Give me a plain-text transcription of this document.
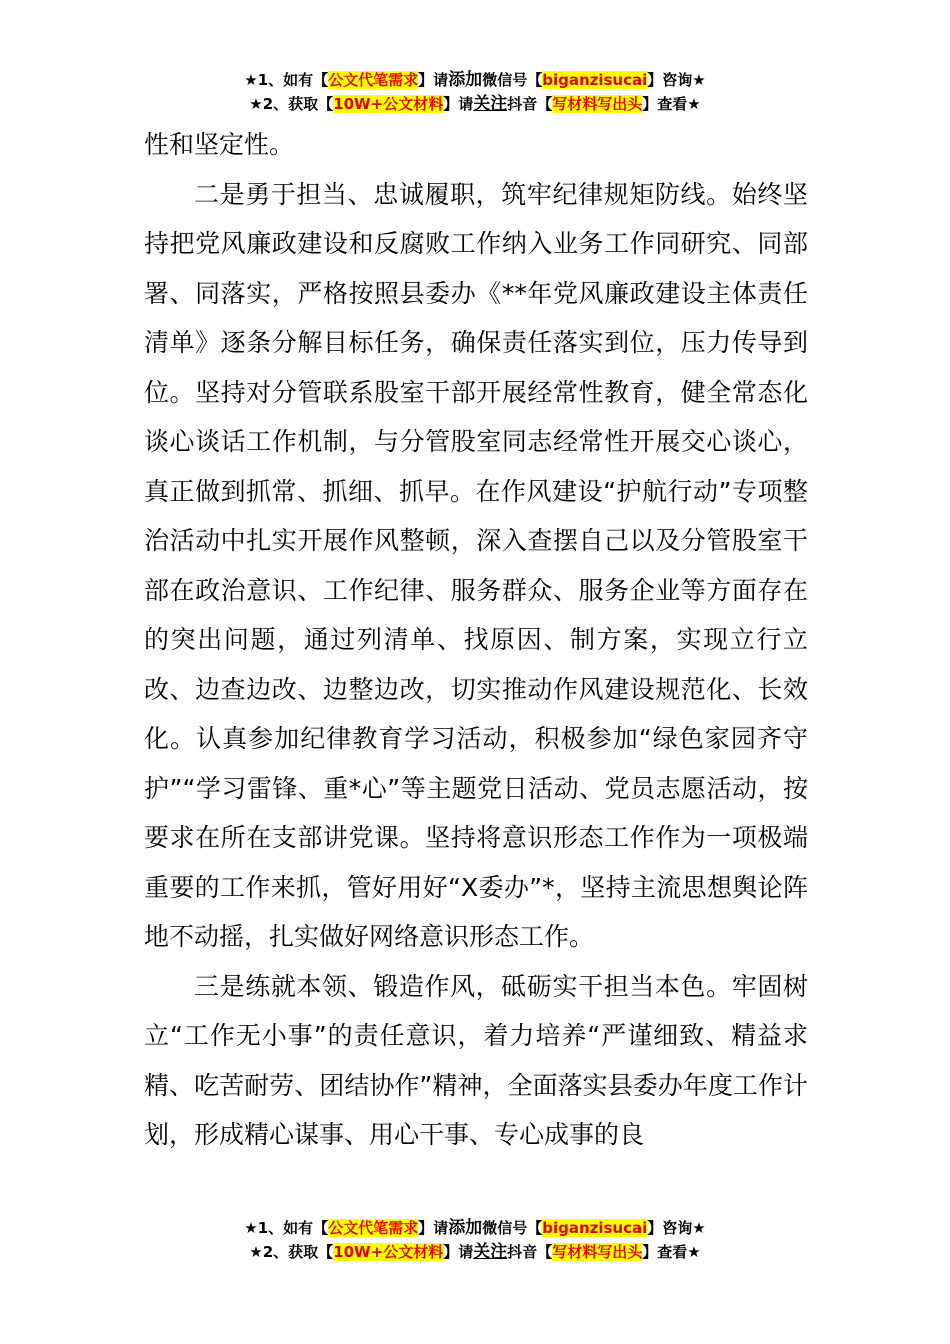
★1、如有【公文代笔需求】请添加微信号【biganzisucai】咨询★
★2、获取【10W+公文材料】请关注抖音【写材料写出头】查看★

性和坚定性。

二是勇于担当、忠诚履职，筑牢纪律规矩防线。始终坚持把党风廉政建设和反腐败工作纳入业务工作同研究、同部署、同落实，严格按照县委办《**年党风廉政建设主体责任清单》逐条分解目标任务，确保责任落实到位，压力传导到位。坚持对分管联系股室干部开展经常性教育，健全常态化谈心谈话工作机制，与分管股室同志经常性开展交心谈心，真正做到抓常、抓细、抓早。在作风建设“护航行动”专项整治活动中扎实开展作风整顿，深入查摆自己以及分管股室干部在政治意识、工作纪律、服务群众、服务企业等方面存在的突出问题，通过列清单、找原因、制方案，实现立行立改、边查边改、边整边改，切实推动作风建设规范化、长效化。认真参加纪律教育学习活动，积极参加“绿色家园齐守护”“学习雷锋、重*心”等主题党日活动、党员志愿活动，按要求在所在支部讲党课。坚持将意识形态工作作为一项极端重要的工作来抓，管好用好“X委办”*，坚持主流思想舆论阵地不动摇，扎实做好网络意识形态工作。

三是练就本领、锻造作风，砥砺实干担当本色。牢固树立“工作无小事”的责任意识，着力培养“严谨细致、精益求精、吃苦耐劳、团结协作”精神，全面落实县委办年度工作计划，形成精心谋事、用心干事、专心成事的良

★1、如有【公文代笔需求】请添加微信号【biganzisucai】咨询★
★2、获取【10W+公文材料】请关注抖音【写材料写出头】查看★
